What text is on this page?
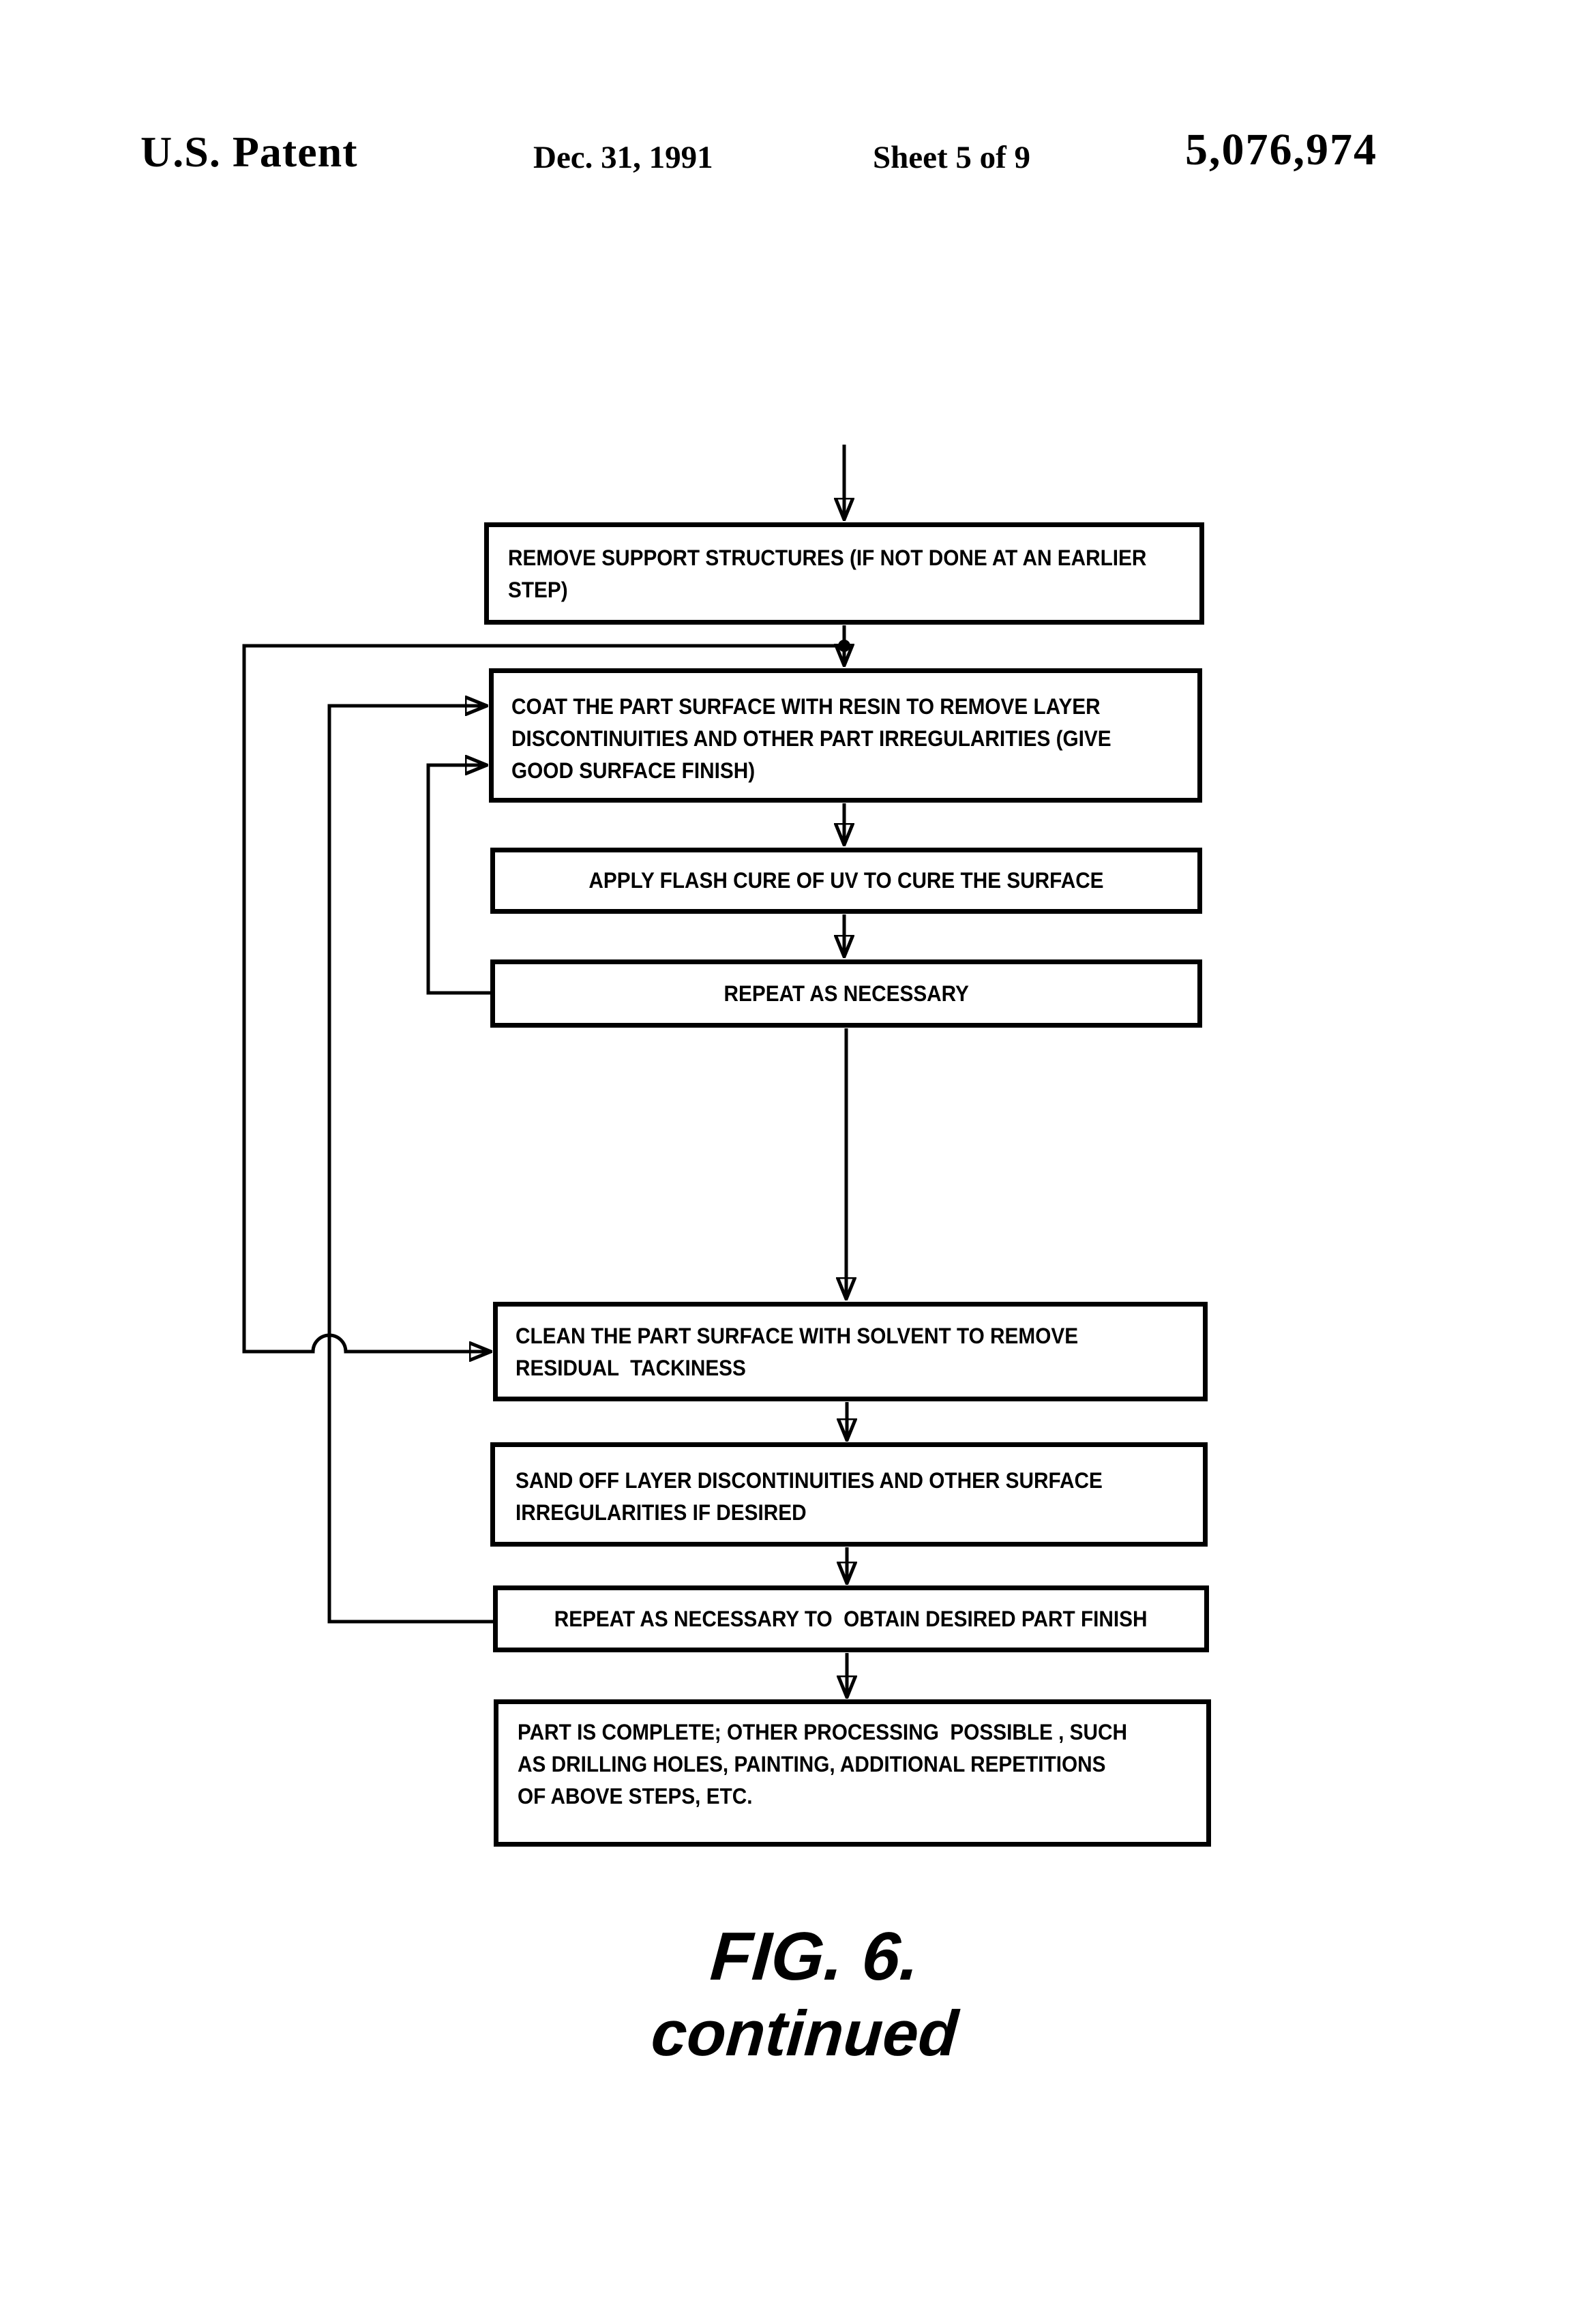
U.S. Patent	Dec. 31, 1991	Sheet 5 of 9	5,076,974
REMOVE SUPPORT STRUCTURES (IF NOT DONE AT AN EARLIER
STEP)
COAT THE PART SURFACE WITH RESIN TO REMOVE LAYER
DISCONTINUITIES AND OTHER PART IRREGULARITIES (GIVE
GOOD SURFACE FINISH)
APPLY FLASH CURE OF UV TO CURE THE SURFACE
REPEAT AS NECESSARY
CLEAN THE PART SURFACE WITH SOLVENT TO REMOVE
RESIDUAL  TACKINESS
SAND OFF LAYER DISCONTINUITIES AND OTHER SURFACE
IRREGULARITIES IF DESIRED
REPEAT AS NECESSARY TO  OBTAIN DESIRED PART FINISH
PART IS COMPLETE; OTHER PROCESSING  POSSIBLE , SUCH
AS DRILLING HOLES, PAINTING, ADDITIONAL REPETITIONS
OF ABOVE STEPS, ETC.
FIG. 6.
continued
